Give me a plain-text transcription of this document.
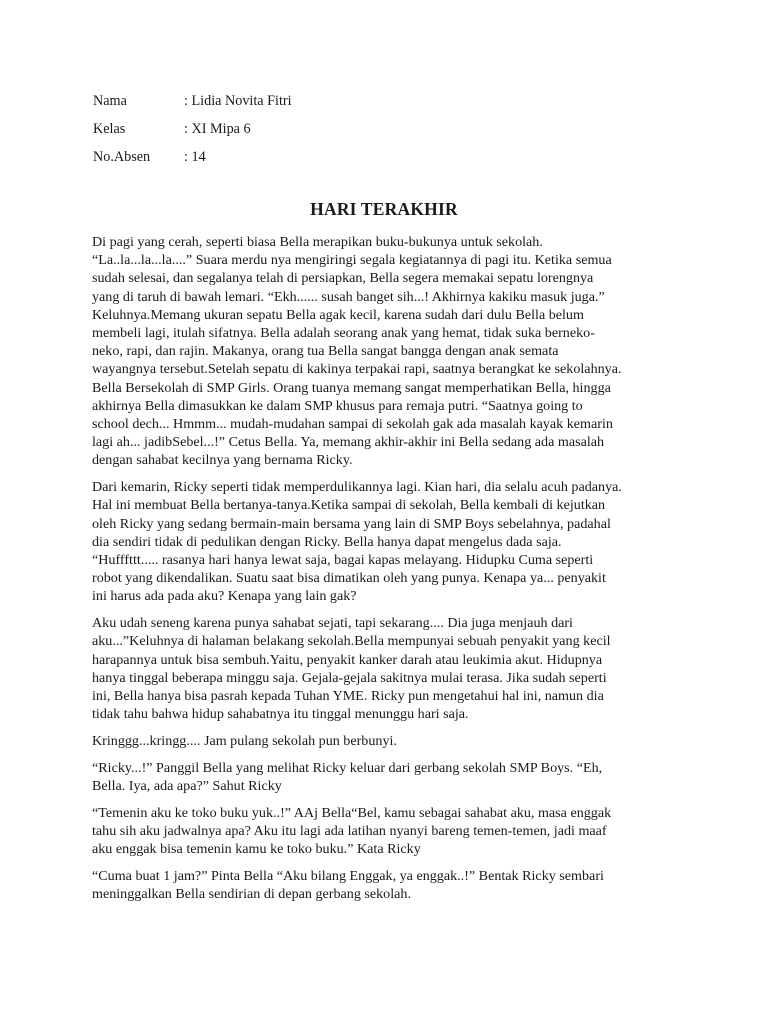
Nama	: Lidia Novita Fitri
Kelas	: XI Mipa 6
No.Absen	: 14
HARI TERAKHIR

Di pagi yang cerah, seperti biasa Bella merapikan buku-bukunya untuk sekolah.
“La..la...la...la....” Suara merdu nya mengiringi segala kegiatannya di pagi itu. Ketika semua
sudah selesai, dan segalanya telah di persiapkan, Bella segera memakai sepatu lorengnya
yang di taruh di bawah lemari. “Ekh...... susah banget sih...! Akhirnya kakiku masuk juga.”
Keluhnya.Memang ukuran sepatu Bella agak kecil, karena sudah dari dulu Bella belum
membeli lagi, itulah sifatnya. Bella adalah seorang anak yang hemat, tidak suka berneko-
neko, rapi, dan rajin. Makanya, orang tua Bella sangat bangga dengan anak semata
wayangnya tersebut.Setelah sepatu di kakinya terpakai rapi, saatnya berangkat ke sekolahnya.
Bella Bersekolah di SMP Girls. Orang tuanya memang sangat memperhatikan Bella, hingga
akhirnya Bella dimasukkan ke dalam SMP khusus para remaja putri. “Saatnya going to
school dech... Hmmm... mudah-mudahan sampai di sekolah gak ada masalah kayak kemarin
lagi ah... jadibSebel...!” Cetus Bella. Ya, memang akhir-akhir ini Bella sedang ada masalah
dengan sahabat kecilnya yang bernama Ricky.

Dari kemarin, Ricky seperti tidak memperdulikannya lagi. Kian hari, dia selalu acuh padanya.
Hal ini membuat Bella bertanya-tanya.Ketika sampai di sekolah, Bella kembali di kejutkan
oleh Ricky yang sedang bermain-main bersama yang lain di SMP Boys sebelahnya, padahal
dia sendiri tidak di pedulikan dengan Ricky. Bella hanya dapat mengelus dada saja.
“Hufffttt..... rasanya hari hanya lewat saja, bagai kapas melayang. Hidupku Cuma seperti
robot yang dikendalikan. Suatu saat bisa dimatikan oleh yang punya. Kenapa ya... penyakit
ini harus ada pada aku? Kenapa yang lain gak?

Aku udah seneng karena punya sahabat sejati, tapi sekarang.... Dia juga menjauh dari
aku...”Keluhnya di halaman belakang sekolah.Bella mempunyai sebuah penyakit yang kecil
harapannya untuk bisa sembuh.Yaitu, penyakit kanker darah atau leukimia akut. Hidupnya
hanya tinggal beberapa minggu saja. Gejala-gejala sakitnya mulai terasa. Jika sudah seperti
ini, Bella hanya bisa pasrah kepada Tuhan YME. Ricky pun mengetahui hal ini, namun dia
tidak tahu bahwa hidup sahabatnya itu tinggal menunggu hari saja.

Kringgg...kringg.... Jam pulang sekolah pun berbunyi.

“Ricky...!” Panggil Bella yang melihat Ricky keluar dari gerbang sekolah SMP Boys. “Eh,
Bella. Iya, ada apa?” Sahut Ricky

“Temenin aku ke toko buku yuk..!” AAj Bella“Bel, kamu sebagai sahabat aku, masa enggak
tahu sih aku jadwalnya apa? Aku itu lagi ada latihan nyanyi bareng temen-temen, jadi maaf
aku enggak bisa temenin kamu ke toko buku.” Kata Ricky

“Cuma buat 1 jam?” Pinta Bella “Aku bilang Enggak, ya enggak..!” Bentak Ricky sembari
meninggalkan Bella sendirian di depan gerbang sekolah.
